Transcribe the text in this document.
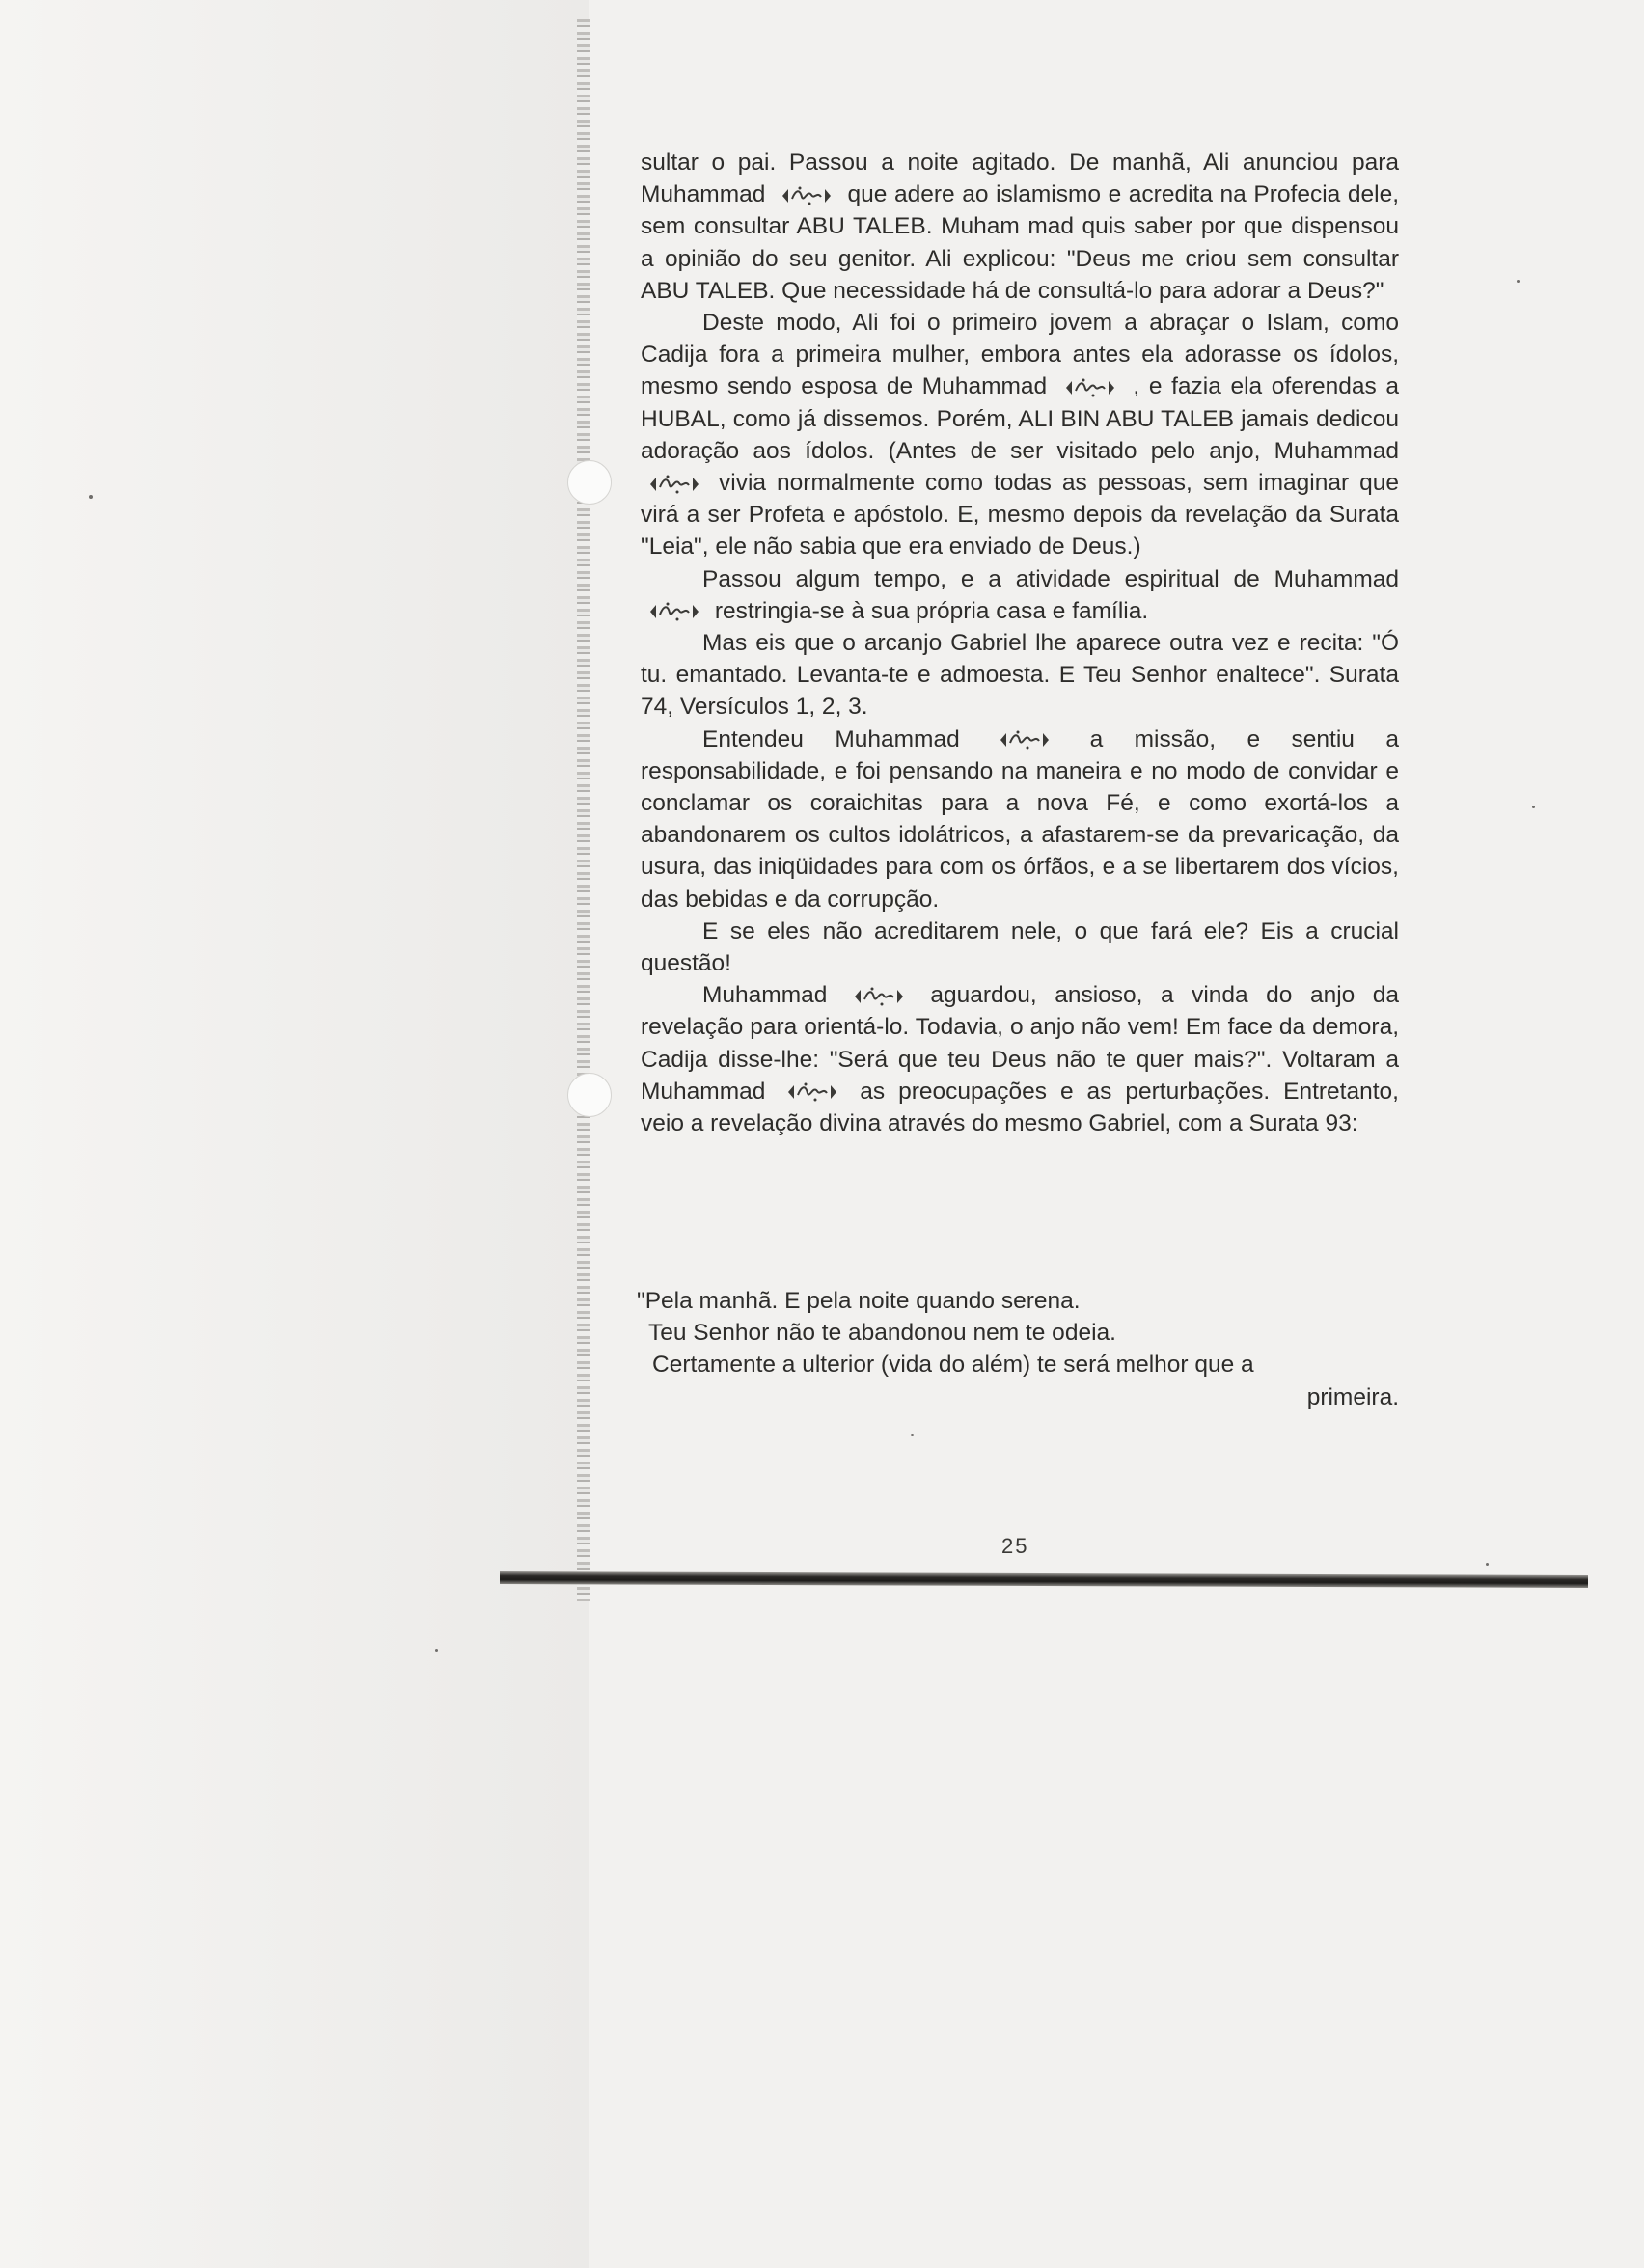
sultar o pai. Passou a noite agitado. De manhã, Ali anunciou para Muhammad	que adere ao islamismo e acredita na Profecia dele, sem consultar ABU TALEB. Muham mad quis saber por que dispensou a opinião do seu genitor. Ali explicou: "Deus me criou sem consultar ABU TALEB. Que necessidade há de consultá-lo para adorar a Deus?"

Deste modo, Ali foi o primeiro jovem a abraçar o Islam, como Cadija fora a primeira mulher, embora antes ela adorasse os ídolos, mesmo sendo esposa de Muhammad	, e fazia ela oferendas a HUBAL, como já dissemos. Porém, ALI BIN ABU TALEB jamais dedicou adoração aos ídolos. (Antes de ser visitado pelo anjo, Muhammad
vivia normalmente como todas as pessoas, sem imaginar que virá a ser Profeta e apóstolo. E, mesmo depois da revelação da Surata "Leia", ele não sabia que era enviado de Deus.)

Passou algum tempo, e a atividade espiritual de Muhammad
restringia-se à sua própria casa e família.

Mas eis que o arcanjo Gabriel lhe aparece outra vez e recita: "Ó tu. emantado. Levanta-te e admoesta. E Teu Senhor enaltece". Surata 74, Versículos 1, 2, 3.

Entendeu Muhammad	a missão, e sentiu a responsabilidade, e foi pensando na maneira e no modo de convidar e conclamar os coraichitas para a nova Fé, e como exortá-los a abandonarem os cultos idolátricos, a afastarem-se da prevaricação, da usura, das iniqüidades para com os órfãos, e a se libertarem dos vícios, das bebidas e da corrupção.

E se eles não acreditarem nele, o que fará ele? Eis a crucial questão!

Muhammad	aguardou, ansioso, a vinda do anjo da revelação para orientá-lo. Todavia, o anjo não vem! Em face da demora, Cadija disse-lhe: "Será que teu Deus não te quer mais?". Voltaram a Muhammad	as preocupações e as perturbações. Entretanto, veio a revelação divina através do mesmo Gabriel, com a Surata 93:

"Pela manhã. E pela noite quando serena.

Teu Senhor não te abandonou nem te odeia.

Certamente a ulterior (vida do além) te será melhor que a

primeira.

25
